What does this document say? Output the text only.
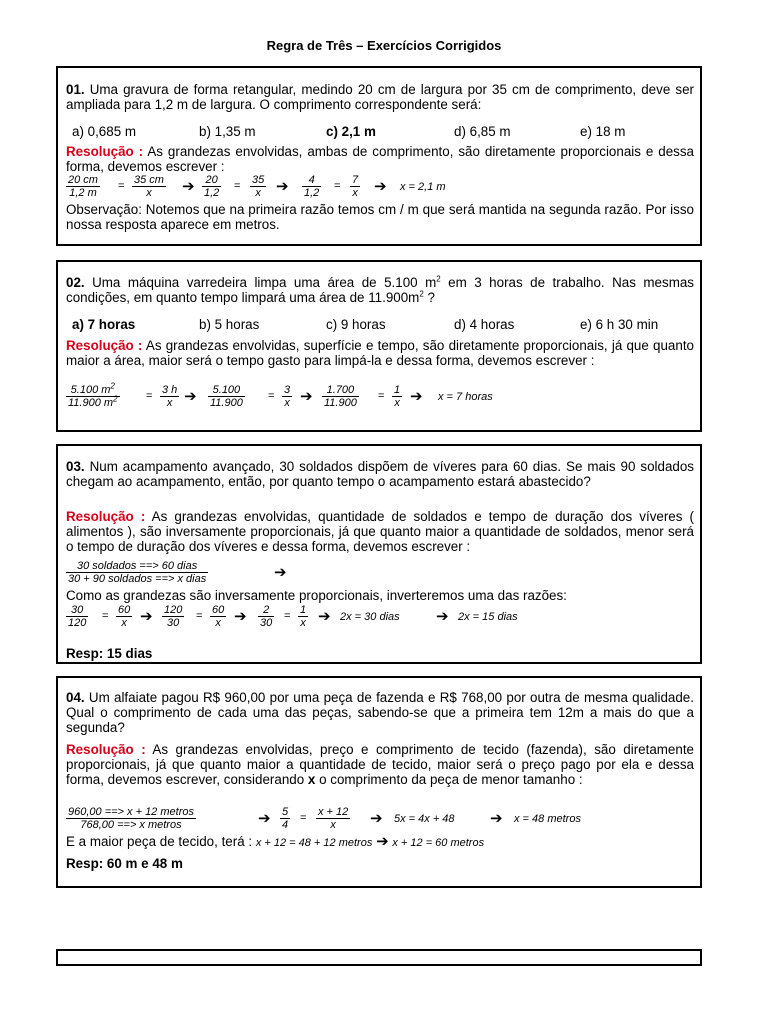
Regra de Três – Exercícios Corrigidos

01. Uma gravura de forma retangular, medindo 20 cm de largura por 35 cm de comprimento, deve ser ampliada para 1,2 m de largura. O comprimento correspondente será:

a) 0,685 m	b) 1,35 m	c) 2,1 m	d) 6,85 m	e) 18 m

Resolução : As grandezas envolvidas, ambas de comprimento, são diretamente proporcionais e dessa forma, devemos escrever :

$\frac{20 cm}{1,2 m} = \frac{35 cm}{x}$ ➔ $\frac{20}{1,2} = \frac{35}{x}$ ➔ $\frac{4}{1,2} = \frac{7}{x}$ ➔ x = 2,1 m

Observação: Notemos que na primeira razão temos cm / m que será mantida na segunda razão. Por isso nossa resposta aparece em metros.

02. Uma máquina varredeira limpa uma área de 5.100 $m^2$ em 3 horas de trabalho. Nas mesmas condições, em quanto tempo limpará uma área de $11.900m^2$ ?

a) 7 horas	b) 5 horas	c) 9 horas	d) 4 horas	e) 6 h 30 min

Resolução : As grandezas envolvidas, superfície e tempo, são diretamente proporcionais, já que quanto maior a área, maior será o tempo gasto para limpá-la e dessa forma, devemos escrever :

$\frac{5.100 m^2}{11.900 m^2} = \frac{3 h}{x}$ ➔ $\frac{5.100}{11.900} = \frac{3}{x}$ ➔ $\frac{1.700}{11.900} = \frac{1}{x}$ ➔ x = 7 horas

03. Num acampamento avançado, 30 soldados dispõem de víveres para 60 dias. Se mais 90 soldados chegam ao acampamento, então, por quanto tempo o acampamento estará abastecido?

Resolução : As grandezas envolvidas, quantidade de soldados e tempo de duração dos víveres ( alimentos ), são inversamente proporcionais, já que quanto maior a quantidade de soldados, menor será o tempo de duração dos víveres e dessa forma, devemos escrever :

30 soldados ==> 60 dias
30 + 90 soldados ==> x dias	➔

Como as grandezas são inversamente proporcionais, inverteremos uma das razões:

$\frac{30}{120} = \frac{60}{x}$ ➔ $\frac{120}{30} = \frac{60}{x}$ ➔ $\frac{2}{30} = \frac{1}{x}$ ➔ 2x = 30 dias ➔ 2x = 15 dias

Resp: 15 dias

04. Um alfaiate pagou R$ 960,00 por uma peça de fazenda e R$ 768,00 por outra de mesma qualidade. Qual o comprimento de cada uma das peças, sabendo-se que a primeira tem 12m a mais do que a segunda?

Resolução : As grandezas envolvidas, preço e comprimento de tecido (fazenda), são diretamente proporcionais, já que quanto maior a quantidade de tecido, maior será o preço pago por ela e dessa forma, devemos escrever, considerando x o comprimento da peça de menor tamanho :

960,00 ==> x + 12 metros
768,00 ==> x metros	➔ $\frac{5}{4} = \frac{x + 12}{x}$ ➔ 5x = 4x + 48 ➔ x = 48 metros

E a maior peça de tecido, terá : x + 12 = 48 + 12 metros ➔ x + 12 = 60 metros

Resp: 60 m e 48 m
